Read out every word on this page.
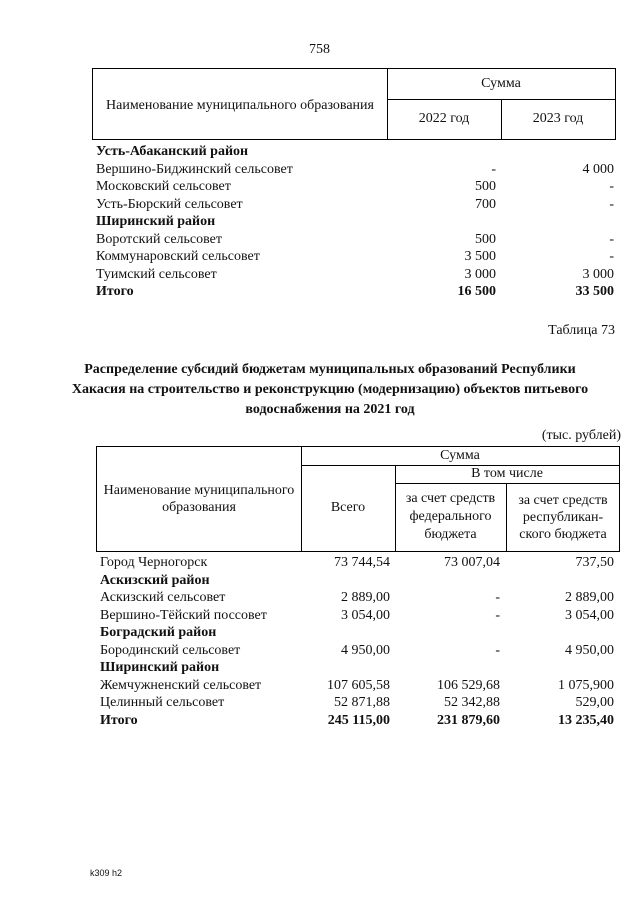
758
Наименование муниципального образования
Сумма
2022 год	2023 год
Усть-Абаканский район
Вершино-Биджинский сельсовет	-	4 000
Московский сельсовет	500	-
Усть-Бюрский сельсовет	700	-
Ширинский район
Воротский сельсовет	500	-
Коммунаровский сельсовет	3 500	-
Туимский сельсовет	3 000	3 000
Итого	16 500	33 500
Таблица 73
Распределение субсидий бюджетам муниципальных образований Республики Хакасия на строительство и реконструкцию (модернизацию) объектов питьевого водоснабжения на 2021 год
(тыс. рублей)
Наименование муниципального образования
Сумма
Всего
В том числе
за счет средств федерального бюджета
за счет средств республикан-ского бюджета
Город Черногорск	73 744,54	73 007,04	737,50
Аскизский район
Аскизский сельсовет	2 889,00	-	2 889,00
Вершино-Тёйский поссовет	3 054,00	-	3 054,00
Боградский район
Бородинский сельсовет	4 950,00	-	4 950,00
Ширинский район
Жемчужненский сельсовет	107 605,58	106 529,68	1 075,900
Целинный сельсовет	52 871,88	52 342,88	529,00
Итого	245 115,00	231 879,60	13 235,40
k309 h2
